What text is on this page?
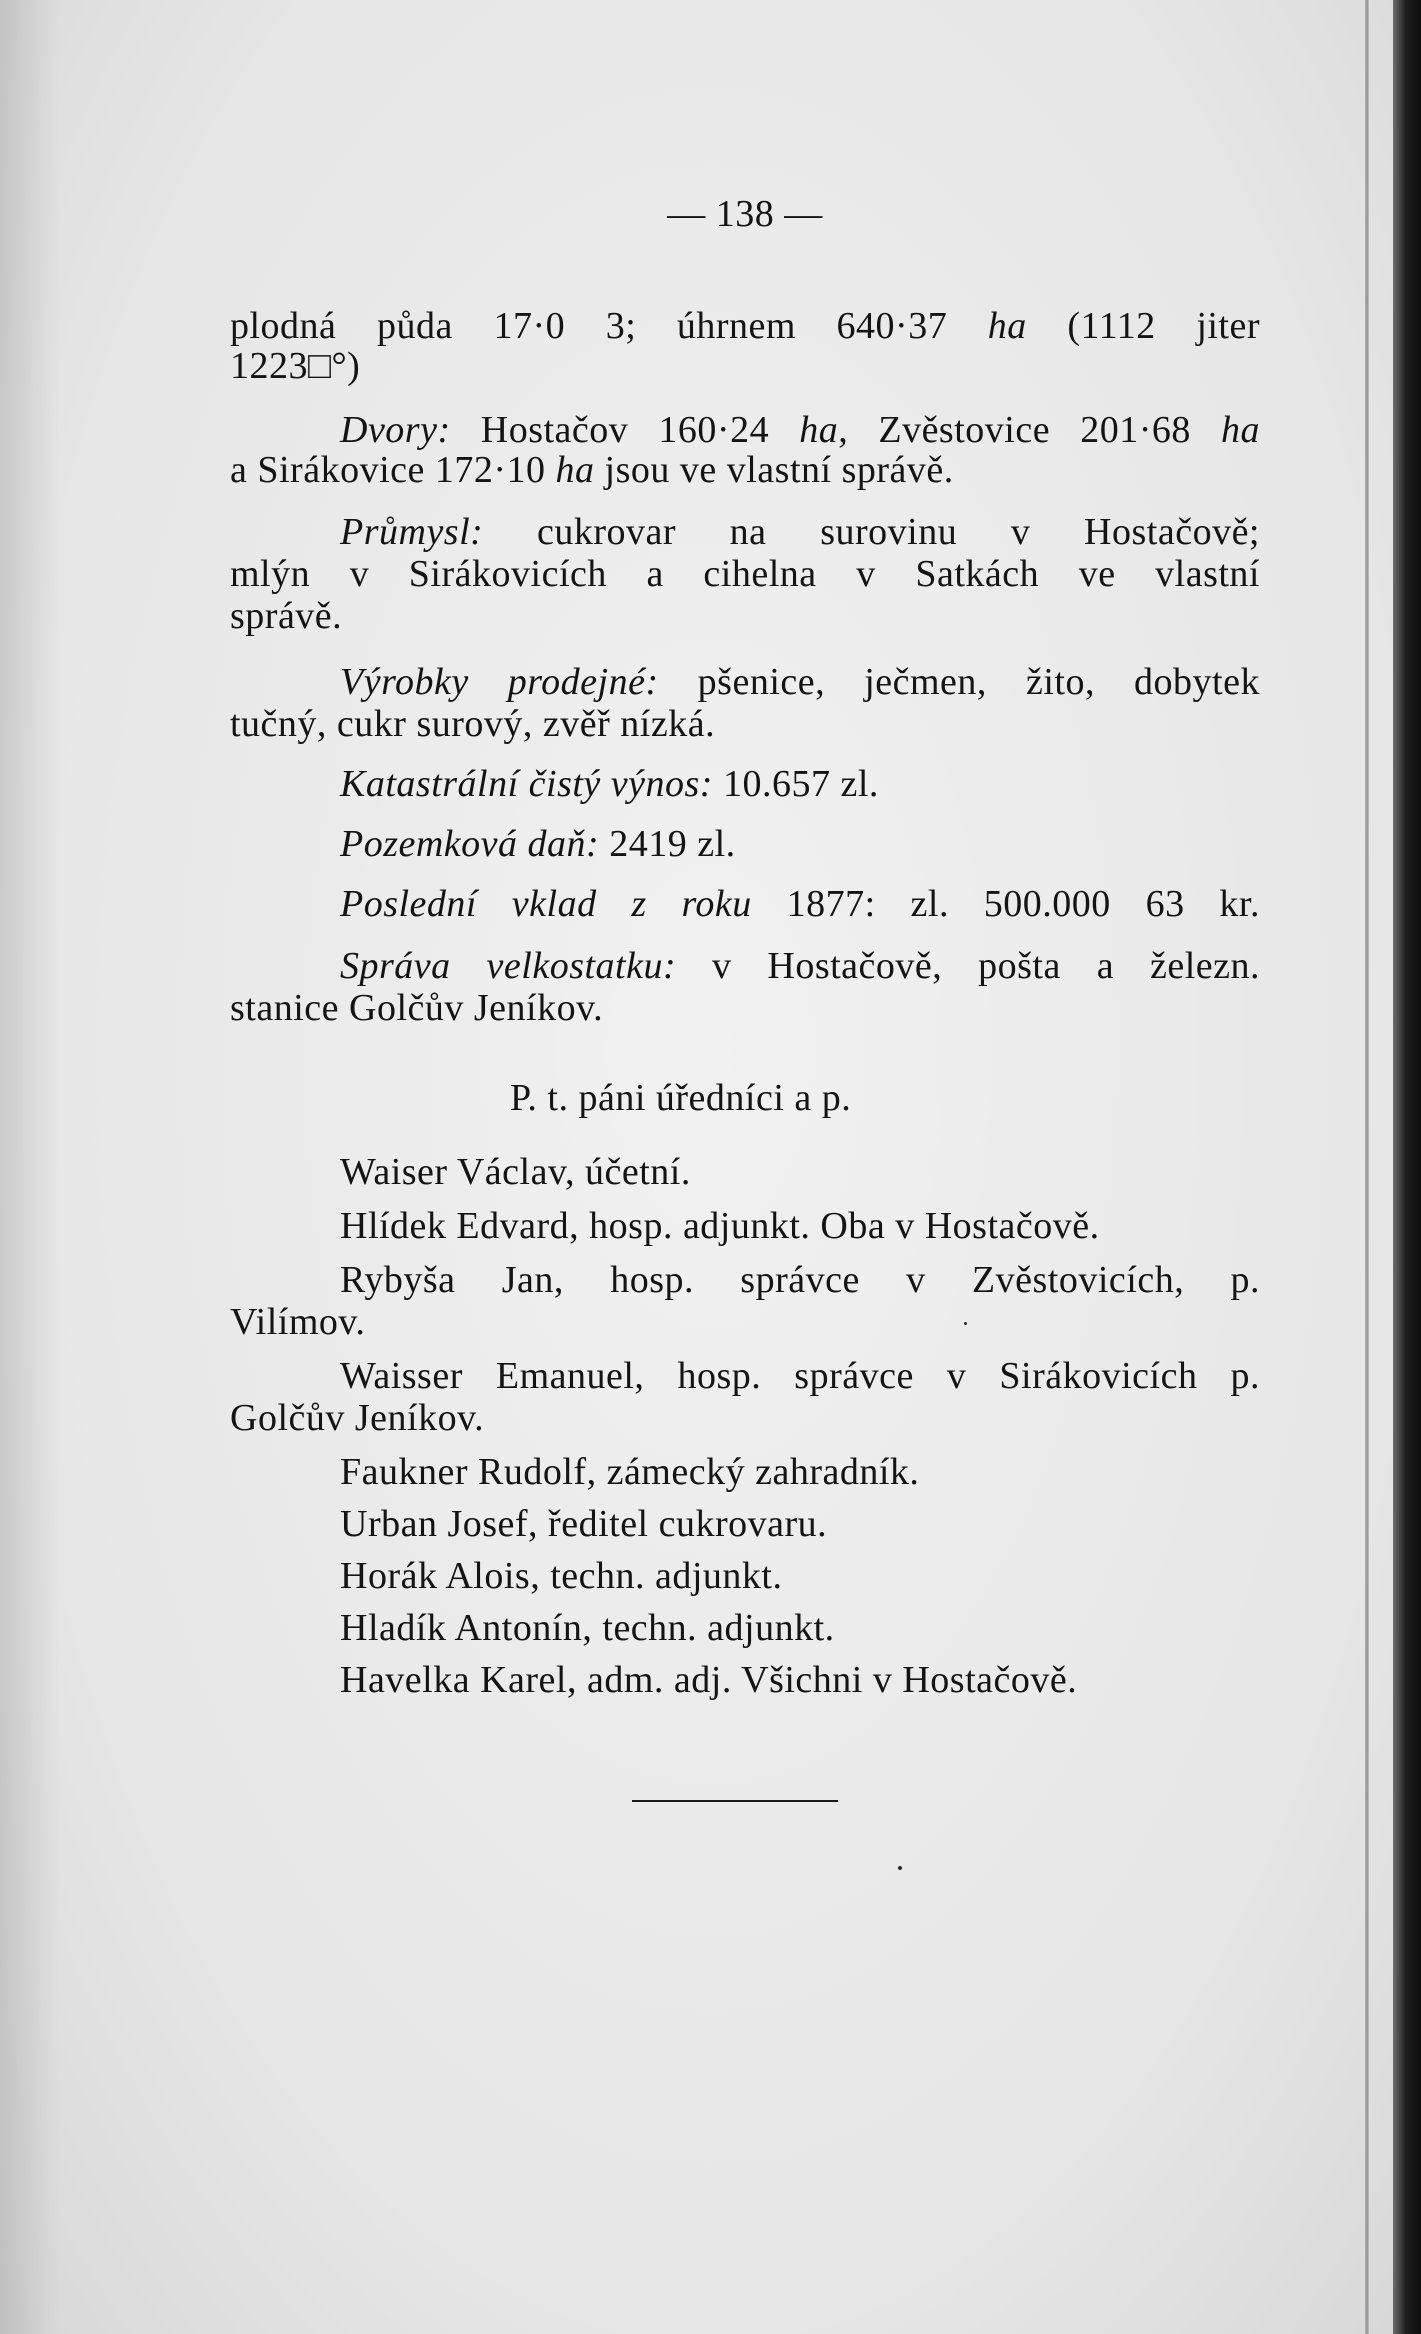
— 138 —
plodná půda 17·0 3; úhrnem 640·37 ha (1112 jiter
1223□°)
Dvory: Hostačov 160·24 ha, Zvěstovice 201·68 ha
a Sirákovice 172·10 ha jsou ve vlastní správě.
Průmysl: cukrovar na surovinu v Hostačově;
mlýn v Sirákovicích a cihelna v Satkách ve vlastní
správě.
Výrobky prodejné: pšenice, ječmen, žito, dobytek
tučný, cukr surový, zvěř nízká.
Katastrální čistý výnos: 10.657 zl.
Pozemková daň: 2419 zl.
Poslední vklad z roku 1877: zl. 500.000 63 kr.
Správa velkostatku: v Hostačově, pošta a železn.
stanice Golčův Jeníkov.
P. t. páni úředníci a p.
Waiser Václav, účetní.
Hlídek Edvard, hosp. adjunkt. Oba v Hostačově.
Rybyša Jan, hosp. správce v Zvěstovicích, p.
Vilímov.
Waisser Emanuel, hosp. správce v Sirákovicích p.
Golčův Jeníkov.
Faukner Rudolf, zámecký zahradník.
Urban Josef, ředitel cukrovaru.
Horák Alois, techn. adjunkt.
Hladík Antonín, techn. adjunkt.
Havelka Karel, adm. adj. Všichni v Hostačově.
